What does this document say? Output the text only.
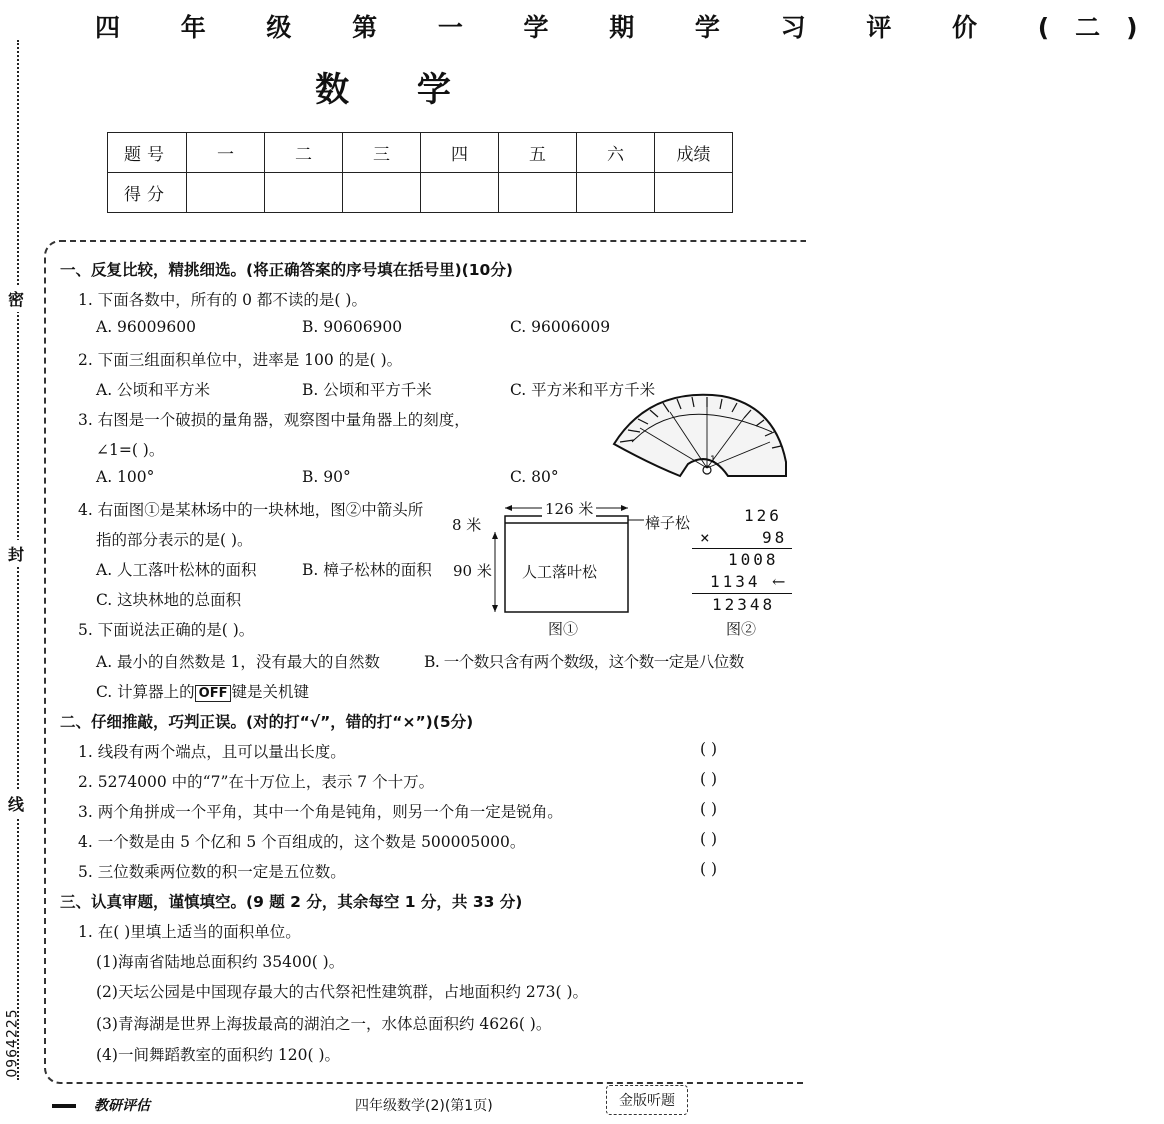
密
封
线
0964225
四 年 级 第 一 学 期 学 习 评 价 (二)
数 学
题号	一	二	三	四	五	六	成绩
得分							
一、反复比较，精挑细选。(将正确答案的序号填在括号里)(10分)
1. 下面各数中，所有的 0 都不读的是( )。
A. 96009600	B. 90606900	C. 96006009
2. 下面三组面积单位中，进率是 100 的是( )。
A. 公顷和平方米	B. 公顷和平方千米	C. 平方米和平方千米
3. 右图是一个破损的量角器，观察图中量角器上的刻度，
∠1=( )。
A. 100°	B. 90°	C. 80°
1
4. 右面图①是某林场中的一块林地，图②中箭头所
指的部分表示的是( )。
A. 人工落叶松林的面积	B. 樟子松林的面积
C. 这块林地的总面积
126 米
8 米
90 米 人工落叶松
樟子松
图①
126
×	98
1008
1134 ←
12348
图②
5. 下面说法正确的是( )。
A. 最小的自然数是 1，没有最大的自然数	B. 一个数只含有两个数级，这个数一定是八位数
C. 计算器上的 OFF 键是关机键
二、仔细推敲，巧判正误。(对的打“√”，错的打“×”)(5分)
1. 线段有两个端点，且可以量出长度。	( )
2. 5274000 中的“7”在十万位上，表示 7 个十万。	( )
3. 两个角拼成一个平角，其中一个角是钝角，则另一个角一定是锐角。	( )
4. 一个数是由 5 个亿和 5 个百组成的，这个数是 500005000。	( )
5. 三位数乘两位数的积一定是五位数。	( )
三、认真审题，谨慎填空。(9 题 2 分，其余每空 1 分，共 33 分)
1. 在( )里填上适当的面积单位。
(1)海南省陆地总面积约 35400( )。
(2)天坛公园是中国现存最大的古代祭祀性建筑群，占地面积约 273( )。
(3)青海湖是世界上海拔最高的湖泊之一，水体总面积约 4626( )。
(4)一间舞蹈教室的面积约 120( )。
教研评估	四年级数学(2)(第1页)	金版听题
